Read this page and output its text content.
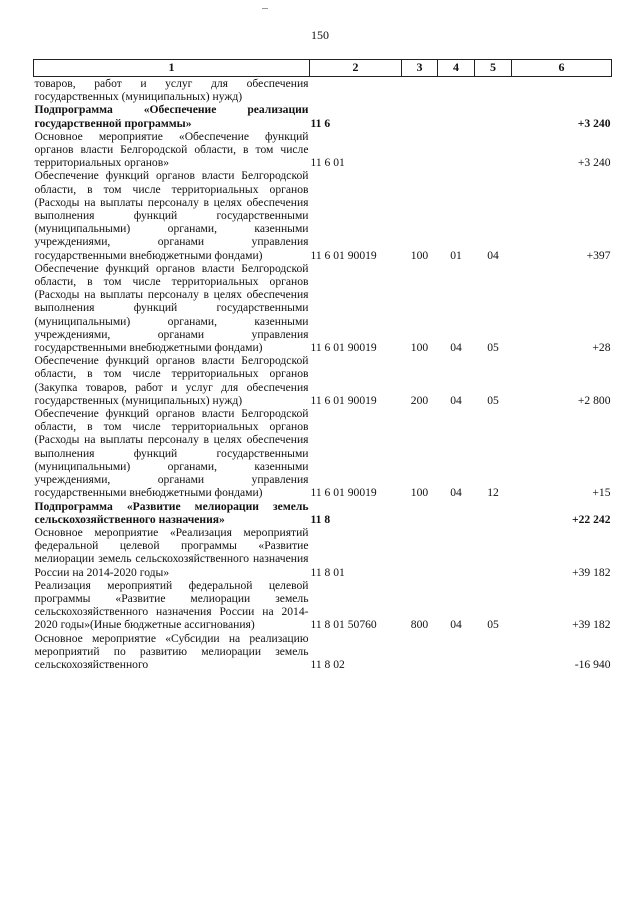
150
1	2	3	4	5	6
товаров, работ и услуг для обеспечения государственных (муниципальных) нужд)					
Подпрограмма «Обеспечение реализации государственной программы»	11 6				+3 240
Основное мероприятие «Обеспечение функций органов власти Белгородской области, в том числе территориальных органов»	11 6 01				+3 240
Обеспечение функций органов власти Белгородской области, в том числе территориальных органов (Расходы на выплаты персоналу в целях обеспечения выполнения функций государственными (муниципальными) органами, казенными учреждениями, органами управления государственными внебюджетными фондами)	11 6 01 90019	100	01	04	+397
Обеспечение функций органов власти Белгородской области, в том числе территориальных органов (Расходы на выплаты персоналу в целях обеспечения выполнения функций государственными (муниципальными) органами, казенными учреждениями, органами управления государственными внебюджетными фондами)	11 6 01 90019	100	04	05	+28
Обеспечение функций органов власти Белгородской области, в том числе территориальных органов (Закупка товаров, работ и услуг для обеспечения государственных (муниципальных) нужд)	11 6 01 90019	200	04	05	+2 800
Обеспечение функций органов власти Белгородской области, в том числе территориальных органов (Расходы на выплаты персоналу в целях обеспечения выполнения функций государственными (муниципальными) органами, казенными учреждениями, органами управления государственными внебюджетными фондами)	11 6 01 90019	100	04	12	+15
Подпрограмма «Развитие мелиорации земель сельскохозяйственного назначения»	11 8				+22 242
Основное мероприятие «Реализация мероприятий федеральной целевой программы «Развитие мелиорации земель сельскохозяйственного назначения России на 2014-2020 годы»	11 8 01				+39 182
Реализация мероприятий федеральной целевой программы «Развитие мелиорации земель сельскохозяйственного назначения России на 2014-2020 годы»(Иные бюджетные ассигнования)	11 8 01 50760	800	04	05	+39 182
Основное мероприятие «Субсидии на реализацию мероприятий по развитию мелиорации земель сельскохозяйственного	11 8 02				-16 940
